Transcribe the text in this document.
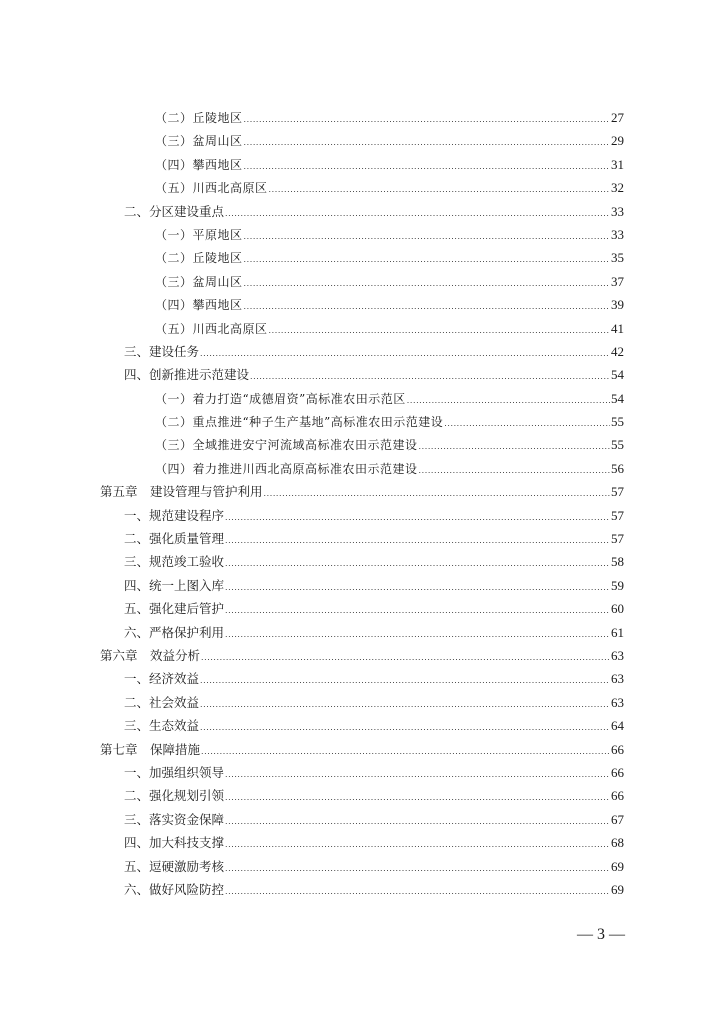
（二）丘陵地区 .....	27
（三）盆周山区 .....	29
（四）攀西地区 .....	31
（五）川西北高原区 .....	32
二、分区建设重点 .....	33
（一）平原地区 .....	33
（二）丘陵地区 .....	35
（三）盆周山区 .....	37
（四）攀西地区 .....	39
（五）川西北高原区 .....	41
三、建设任务 .....	42
四、创新推进示范建设 .....	54
（一）着力打造“成德眉资”高标准农田示范区 .....	54
（二）重点推进“种子生产基地”高标准农田示范建设 .....	55
（三）全域推进安宁河流域高标准农田示范建设 .....	55
（四）着力推进川西北高原高标准农田示范建设 .....	56
第五章　建设管理与管护利用 .....	57
一、规范建设程序 .....	57
二、强化质量管理 .....	57
三、规范竣工验收 .....	58
四、统一上图入库 .....	59
五、强化建后管护 .....	60
六、严格保护利用 .....	61
第六章　效益分析 .....	63
一、经济效益 .....	63
二、社会效益 .....	63
三、生态效益 .....	64
第七章　保障措施 .....	66
一、加强组织领导 .....	66
二、强化规划引领 .....	66
三、落实资金保障 .....	67
四、加大科技支撑 .....	68
五、逗硬激励考核 .....	69
六、做好风险防控 .....	69
— 3 —
